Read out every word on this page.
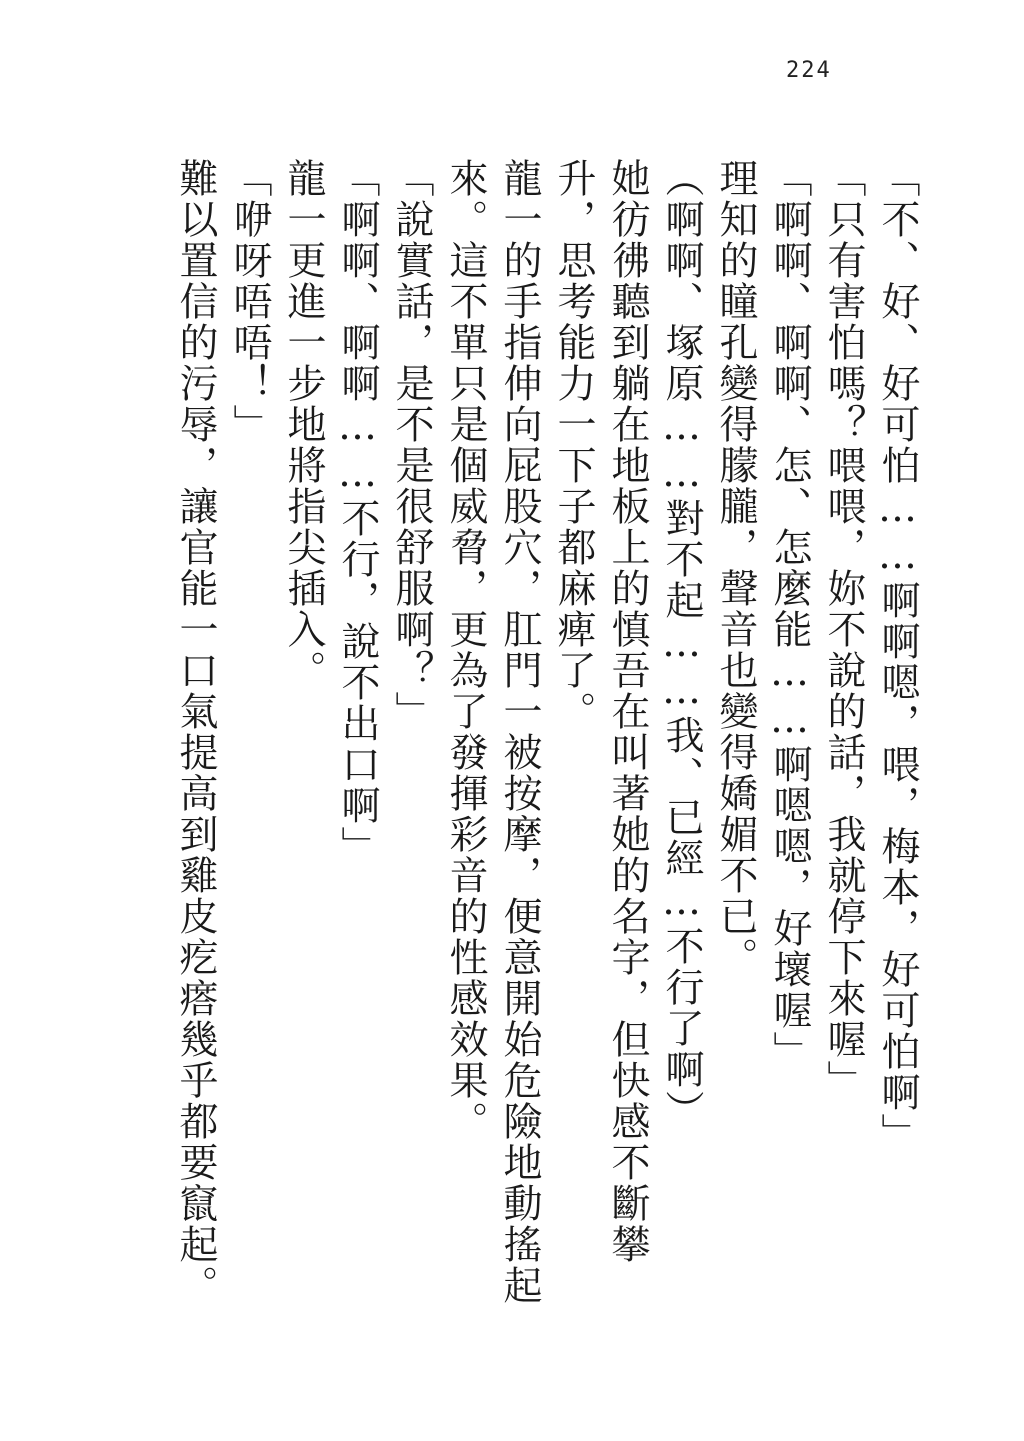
224
「不、好、好可怕……啊啊嗯，喂，梅本，好可怕啊」
「只有害怕嗎？喂喂，妳不說的話，我就停下來喔」
「啊啊、啊啊、怎、怎麼能……啊嗯嗯，好壞喔」
理知的瞳孔變得朦朧，聲音也變得嬌媚不已。
（啊啊、塚原……對不起……我、已經…不行了啊）
她彷彿聽到躺在地板上的慎吾在叫著她的名字，但快感不斷攀
升，思考能力一下子都麻痺了。
龍一的手指伸向屁股穴，肛門一被按摩，便意開始危險地動搖起
來。這不單只是個威脅，更為了發揮彩音的性感效果。
「說實話，是不是很舒服啊？」
「啊啊、啊啊……不行，說不出口啊」
龍一更進一步地將指尖插入。
「咿呀唔唔！」
難以置信的污辱，讓官能一口氣提高到雞皮疙瘩幾乎都要竄起。
